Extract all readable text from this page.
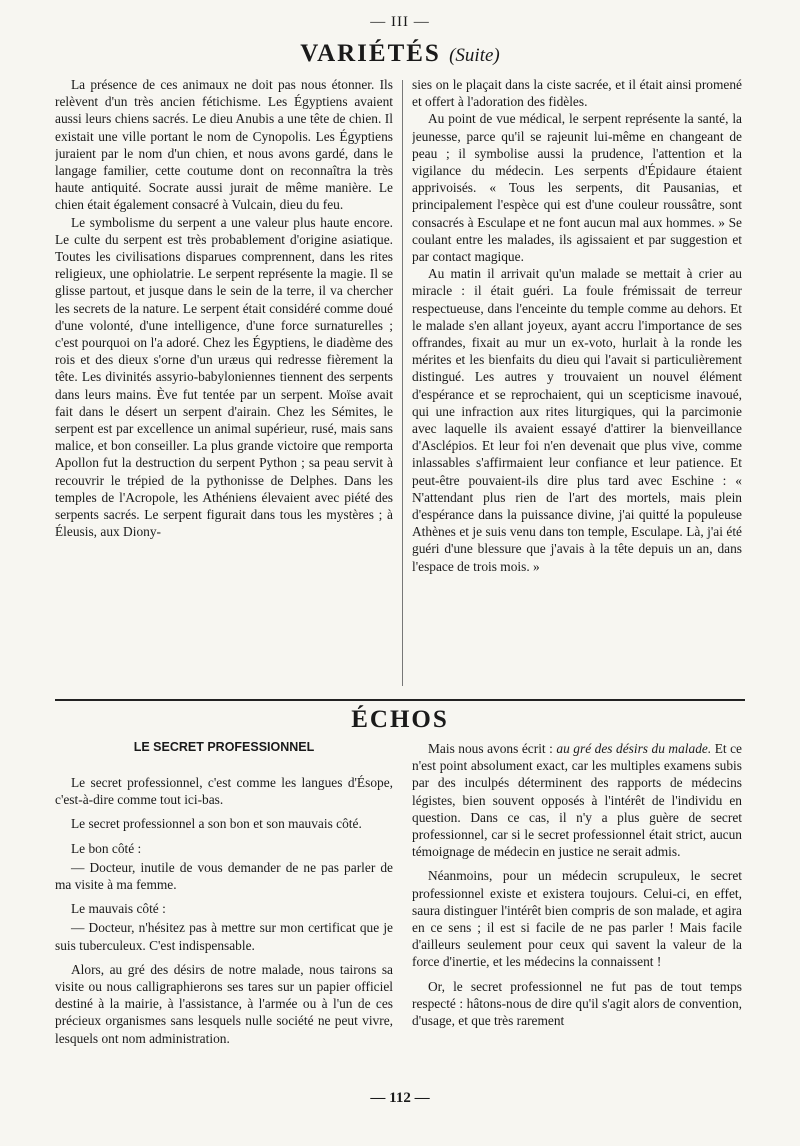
— III —
VARIÉTÉS (Suite)

La présence de ces animaux ne doit pas nous étonner. Ils relèvent d'un très ancien fétichisme. Les Égyptiens avaient aussi leurs chiens sacrés. Le dieu Anubis a une tête de chien. Il existait une ville portant le nom de Cynopolis. Les Égyptiens juraient par le nom d'un chien, et nous avons gardé, dans le langage familier, cette coutume dont on reconnaîtra la très haute antiquité. Socrate aussi jurait de même manière. Le chien était également consacré à Vulcain, dieu du feu.

Le symbolisme du serpent a une valeur plus haute encore. Le culte du serpent est très probablement d'origine asiatique. Toutes les civilisations disparues comprennent, dans les rites religieux, une ophiolatrie. Le serpent représente la magie. Il se glisse partout, et jusque dans le sein de la terre, il va chercher les secrets de la nature. Le serpent était considéré comme doué d'une volonté, d'une intelligence, d'une force surnaturelles ; c'est pourquoi on l'a adoré. Chez les Égyptiens, le diadème des rois et des dieux s'orne d'un uræus qui redresse fièrement la tête. Les divinités assyrio-babyloniennes tiennent des serpents dans leurs mains. Ève fut tentée par un serpent. Moïse avait fait dans le désert un serpent d'airain. Chez les Sémites, le serpent est par excellence un animal supérieur, rusé, mais sans malice, et bon conseiller. La plus grande victoire que remporta Apollon fut la destruction du serpent Python ; sa peau servit à recouvrir le trépied de la pythonisse de Delphes. Dans les temples de l'Acropole, les Athéniens élevaient avec piété des serpents sacrés. Le serpent figurait dans tous les mystères ; à Éleusis, aux Diony-

sies on le plaçait dans la ciste sacrée, et il était ainsi promené et offert à l'adoration des fidèles.

Au point de vue médical, le serpent représente la santé, la jeunesse, parce qu'il se rajeunit lui-même en changeant de peau ; il symbolise aussi la prudence, l'attention et la vigilance du médecin. Les serpents d'Épidaure étaient apprivoisés. « Tous les serpents, dit Pausanias, et principalement l'espèce qui est d'une couleur roussâtre, sont consacrés à Esculape et ne font aucun mal aux hommes. » Se coulant entre les malades, ils agissaient et par suggestion et par contact magique.

Au matin il arrivait qu'un malade se mettait à crier au miracle : il était guéri. La foule frémissait de terreur respectueuse, dans l'enceinte du temple comme au dehors. Et le malade s'en allant joyeux, ayant accru l'importance de ses offrandes, fixait au mur un ex-voto, hurlait à la ronde les mérites et les bienfaits du dieu qui l'avait si particulièrement distingué. Les autres y trouvaient un nouvel élément d'espérance et se reprochaient, qui un scepticisme inavoué, qui une infraction aux rites liturgiques, qui la parcimonie avec laquelle ils avaient essayé d'attirer la bienveillance d'Asclépios. Et leur foi n'en devenait que plus vive, comme inlassables s'affirmaient leur confiance et leur patience. Et peut-être pouvaient-ils dire plus tard avec Eschine : « N'attendant plus rien de l'art des mortels, mais plein d'espérance dans la puissance divine, j'ai quitté la populeuse Athènes et je suis venu dans ton temple, Esculape. Là, j'ai été guéri d'une blessure que j'avais à la tête depuis un an, dans l'espace de trois mois. »

ÉCHOS
LE SECRET PROFESSIONNEL

Le secret professionnel, c'est comme les langues d'Ésope, c'est-à-dire comme tout ici-bas.

Le secret professionnel a son bon et son mauvais côté.

Le bon côté :

— Docteur, inutile de vous demander de ne pas parler de ma visite à ma femme.

Le mauvais côté :

— Docteur, n'hésitez pas à mettre sur mon certificat que je suis tuberculeux. C'est indispensable.

Alors, au gré des désirs de notre malade, nous tairons sa visite ou nous calligraphierons ses tares sur un papier officiel destiné à la mairie, à l'assistance, à l'armée ou à l'un de ces précieux organismes sans lesquels nulle société ne peut vivre, lesquels ont nom administration.

Mais nous avons écrit : au gré des désirs du malade. Et ce n'est point absolument exact, car les multiples examens subis par des inculpés déterminent des rapports de médecins légistes, bien souvent opposés à l'intérêt de l'individu en question. Dans ce cas, il n'y a plus guère de secret professionnel, car si le secret professionnel était strict, aucun témoignage de médecin en justice ne serait admis.

Néanmoins, pour un médecin scrupuleux, le secret professionnel existe et existera toujours. Celui-ci, en effet, saura distinguer l'intérêt bien compris de son malade, et agira en ce sens ; il est si facile de ne pas parler ! Mais facile d'ailleurs seulement pour ceux qui savent la valeur de la force d'inertie, et les médecins la connaissent !

Or, le secret professionnel ne fut pas de tout temps respecté : hâtons-nous de dire qu'il s'agit alors de convention, d'usage, et que très rarement

— 112 —
